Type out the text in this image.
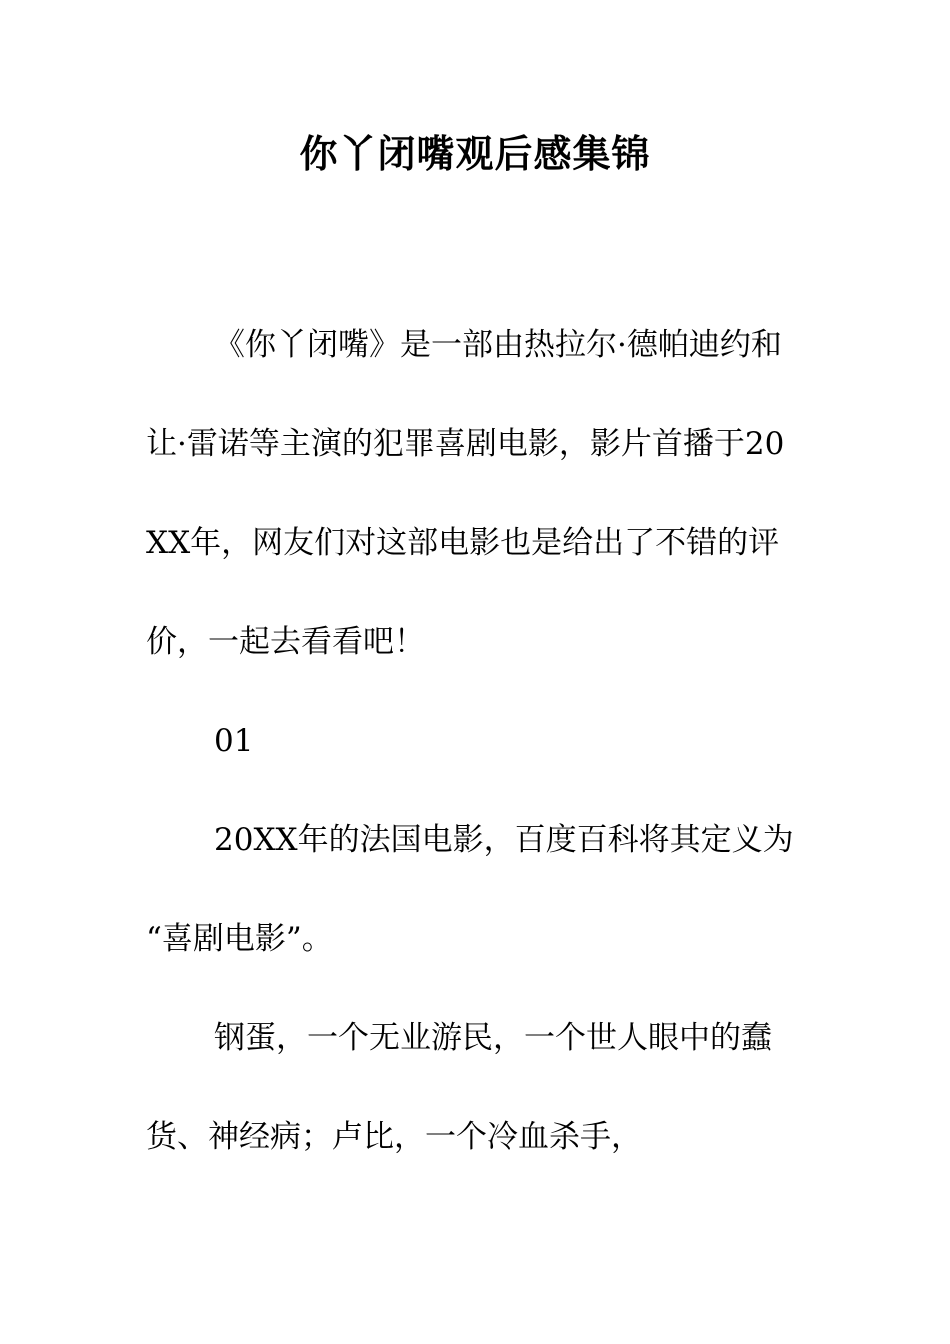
你丫闭嘴观后感集锦

《你丫闭嘴》是一部由热拉尔·德帕迪约和让·雷诺等主演的犯罪喜剧电影，影片首播于20XX年，网友们对这部电影也是给出了不错的评价，一起去看看吧！

01

20XX年的法国电影，百度百科将其定义为 “喜剧电影”。

钢蛋，一个无业游民，一个世人眼中的蠢货、神经病；卢比，一个冷血杀手，
